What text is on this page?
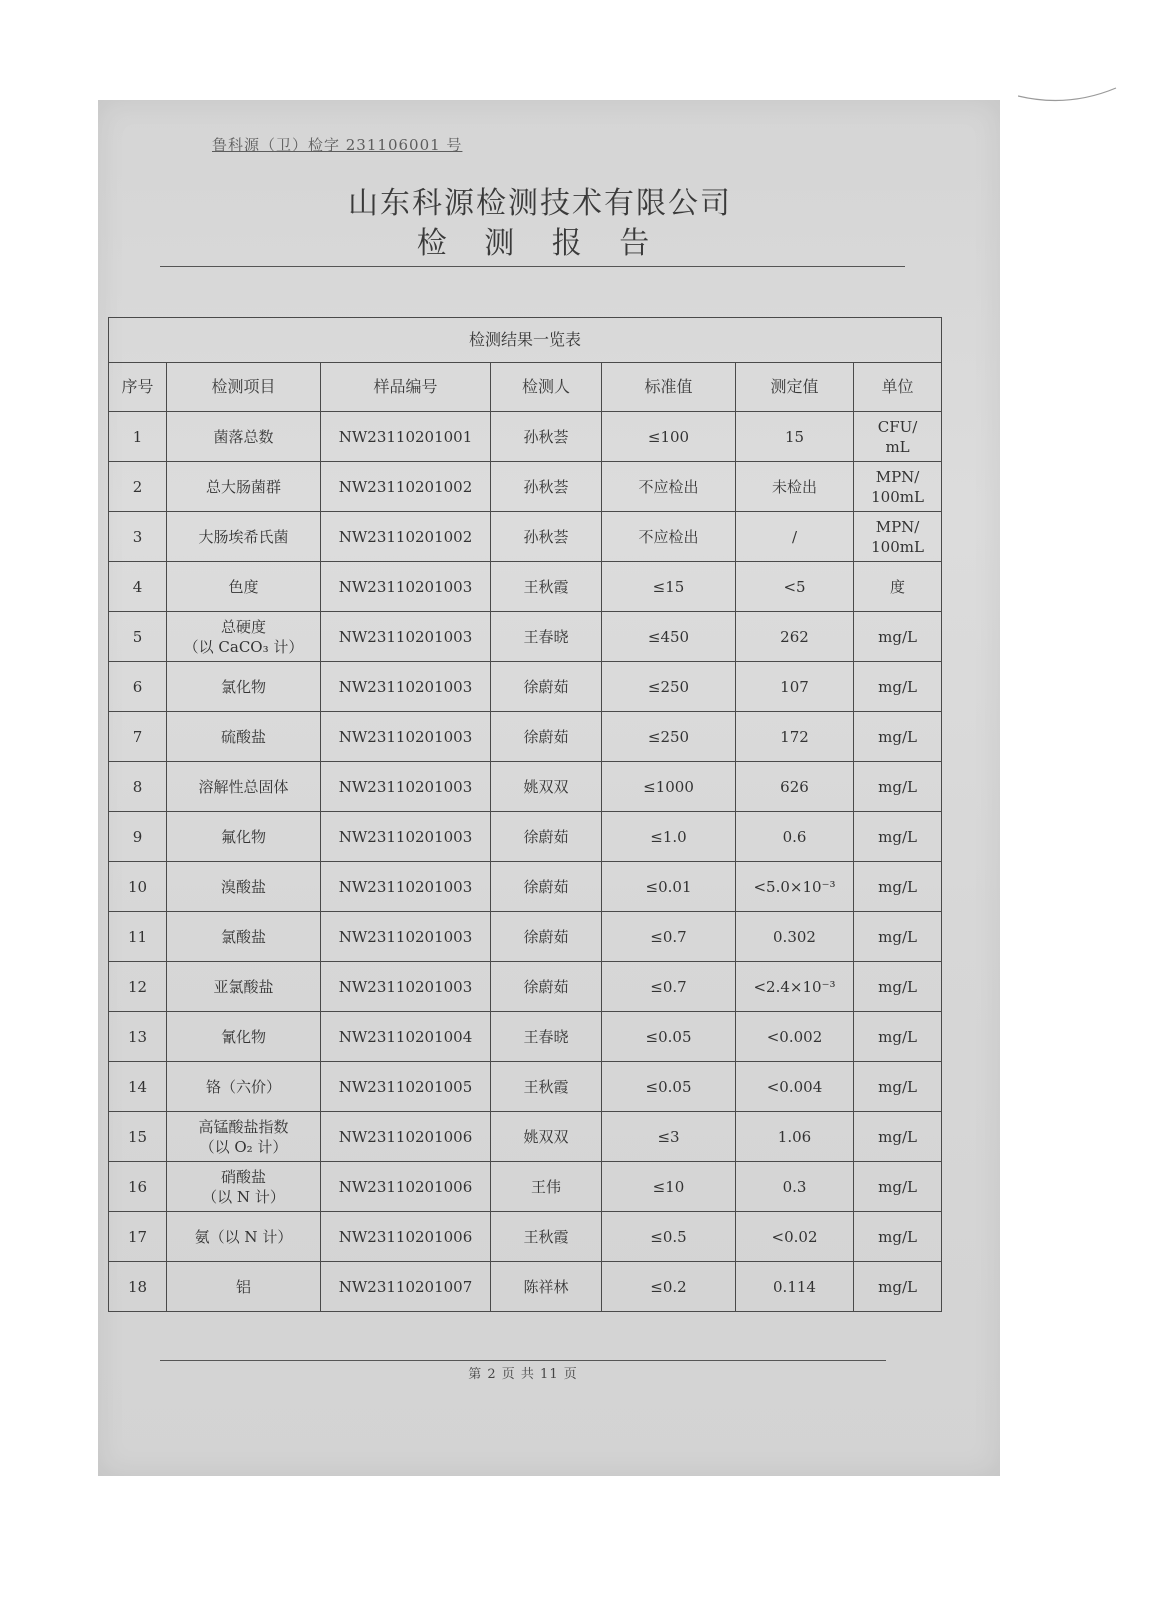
鲁科源（卫）检字 231106001 号
山东科源检测技术有限公司
检 测 报 告
检测结果一览表						
序号	检测项目	样品编号	检测人	标准值	测定值	单位
1	菌落总数	NW23110201001	孙秋荟	≤100	15	CFU/
mL
2	总大肠菌群	NW23110201002	孙秋荟	不应检出	未检出	MPN/
100mL
3	大肠埃希氏菌	NW23110201002	孙秋荟	不应检出	/	MPN/
100mL
4	色度	NW23110201003	王秋霞	≤15	<5	度
5	总硬度
（以 CaCO₃ 计）	NW23110201003	王春晓	≤450	262	mg/L
6	氯化物	NW23110201003	徐蔚茹	≤250	107	mg/L
7	硫酸盐	NW23110201003	徐蔚茹	≤250	172	mg/L
8	溶解性总固体	NW23110201003	姚双双	≤1000	626	mg/L
9	氟化物	NW23110201003	徐蔚茹	≤1.0	0.6	mg/L
10	溴酸盐	NW23110201003	徐蔚茹	≤0.01	<5.0×10⁻³	mg/L
11	氯酸盐	NW23110201003	徐蔚茹	≤0.7	0.302	mg/L
12	亚氯酸盐	NW23110201003	徐蔚茹	≤0.7	<2.4×10⁻³	mg/L
13	氰化物	NW23110201004	王春晓	≤0.05	<0.002	mg/L
14	铬（六价）	NW23110201005	王秋霞	≤0.05	<0.004	mg/L
15	高锰酸盐指数
（以 O₂ 计）	NW23110201006	姚双双	≤3	1.06	mg/L
16	硝酸盐
（以 N 计）	NW23110201006	王伟	≤10	0.3	mg/L
17	氨（以 N 计）	NW23110201006	王秋霞	≤0.5	<0.02	mg/L
18	铝	NW23110201007	陈祥林	≤0.2	0.114	mg/L
第 2 页 共 11 页
